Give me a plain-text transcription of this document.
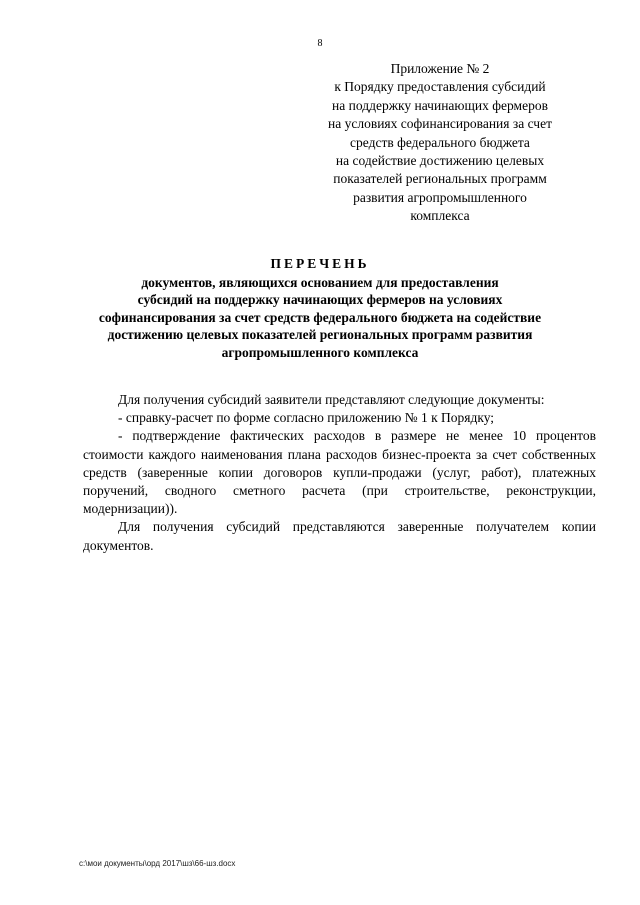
8
Приложение № 2
к Порядку предоставления субсидий
на поддержку начинающих фермеров
на условиях софинансирования за счет
средств федерального бюджета
на содействие достижению целевых
показателей региональных программ
развития агропромышленного
комплекса
ПЕРЕЧЕНЬ
документов, являющихся основанием для предоставления
субсидий на поддержку начинающих фермеров на условиях
софинансирования за счет средств федерального бюджета на содействие
достижению целевых показателей региональных программ развития
агропромышленного комплекса

Для получения субсидий заявители представляют следующие документы:

- справку-расчет по форме согласно приложению № 1 к Порядку;

- подтверждение фактических расходов в размере не менее 10 процентов стоимости каждого наименования плана расходов бизнес-проекта за счет собственных средств (заверенные копии договоров купли-продажи (услуг, работ), платежных поручений, сводного сметного расчета (при строительстве, реконструкции, модернизации)).

Для получения субсидий представляются заверенные получателем копии документов.

c:\мои документы\орд 2017\шз\66-шз.docx
